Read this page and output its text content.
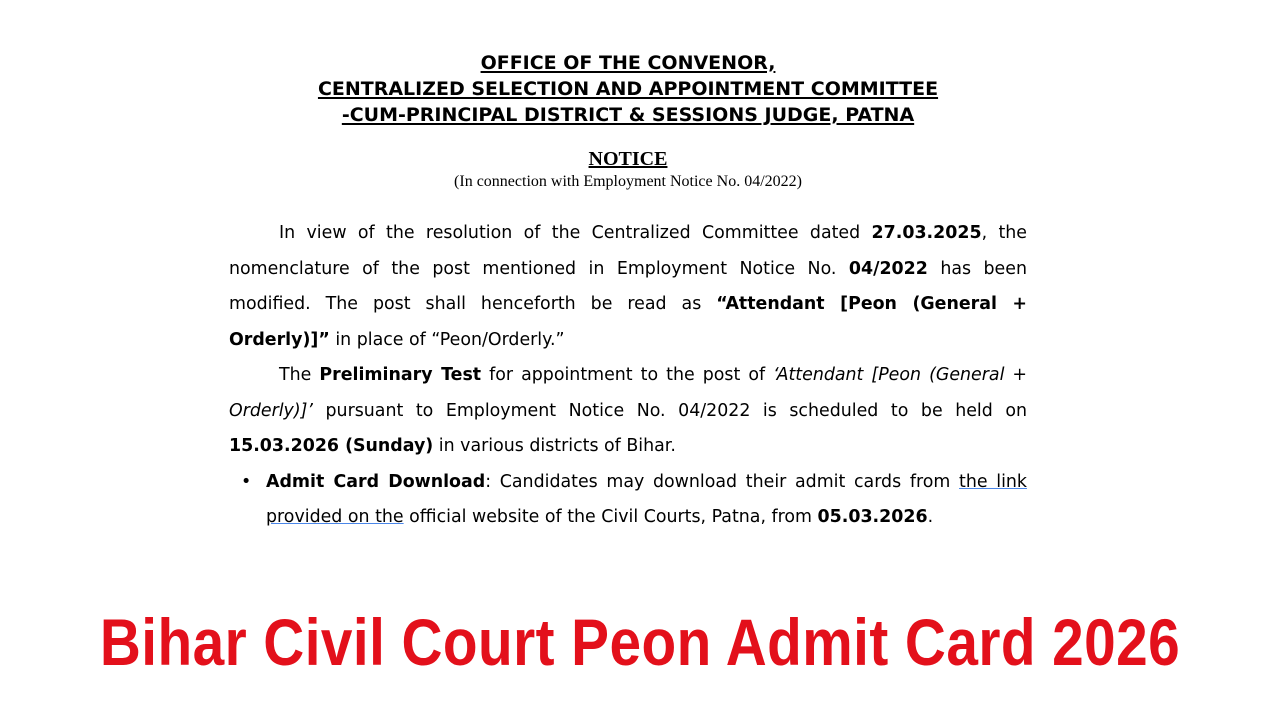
OFFICE OF THE CONVENOR,
CENTRALIZED SELECTION AND APPOINTMENT COMMITTEE
-CUM-PRINCIPAL DISTRICT & SESSIONS JUDGE, PATNA
NOTICE
(In connection with Employment Notice No. 04/2022)

In view of the resolution of the Centralized Committee dated 27.03.2025, the nomenclature of the post mentioned in Employment Notice No. 04/2022 has been modified. The post shall henceforth be read as “Attendant [Peon (General + Orderly)]” in place of “Peon/Orderly.”

The Preliminary Test for appointment to the post of ‘Attendant [Peon (General + Orderly)]’ pursuant to Employment Notice No. 04/2022 is scheduled to be held on 15.03.2026 (Sunday) in various districts of Bihar.

• Admit Card Download: Candidates may download their admit cards from the link provided on the official website of the Civil Courts, Patna, from 05.03.2026.
Bihar Civil Court Peon Admit Card 2026
